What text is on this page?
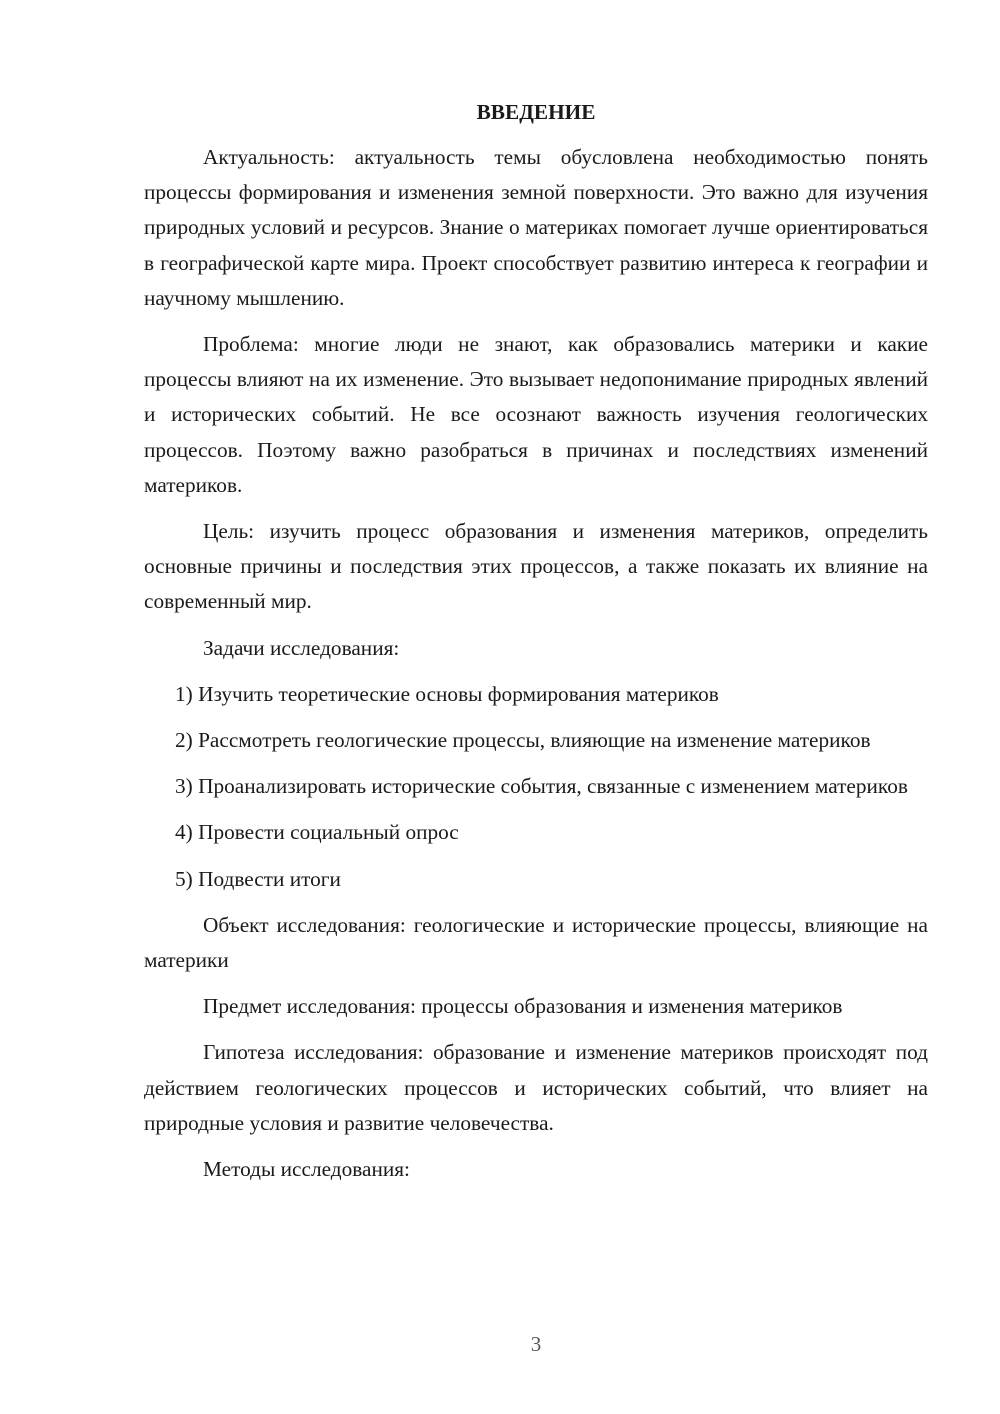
ВВЕДЕНИЕ

Актуальность: актуальность темы обусловлена необходимостью понять процессы формирования и изменения земной поверхности. Это важно для изучения природных условий и ресурсов. Знание о материках помогает лучше ориентироваться в географической карте мира. Проект способствует развитию интереса к географии и научному мышлению.

Проблема: многие люди не знают, как образовались материки и какие процессы влияют на их изменение. Это вызывает недопонимание природных явлений и исторических событий. Не все осознают важность изучения геологических процессов. Поэтому важно разобраться в причинах и последствиях изменений материков.

Цель: изучить процесс образования и изменения материков, определить основные причины и последствия этих процессов, а также показать их влияние на современный мир.

Задачи исследования:

1) Изучить теоретические основы формирования материков

2) Рассмотреть геологические процессы, влияющие на изменение материков

3) Проанализировать исторические события, связанные с изменением материков

4) Провести социальный опрос

5) Подвести итоги

Объект исследования: геологические и исторические процессы, влияющие на материки

Предмет исследования: процессы образования и изменения материков

Гипотеза исследования: образование и изменение материков происходят под действием геологических процессов и исторических событий, что влияет на природные условия и развитие человечества.

Методы исследования:

3
